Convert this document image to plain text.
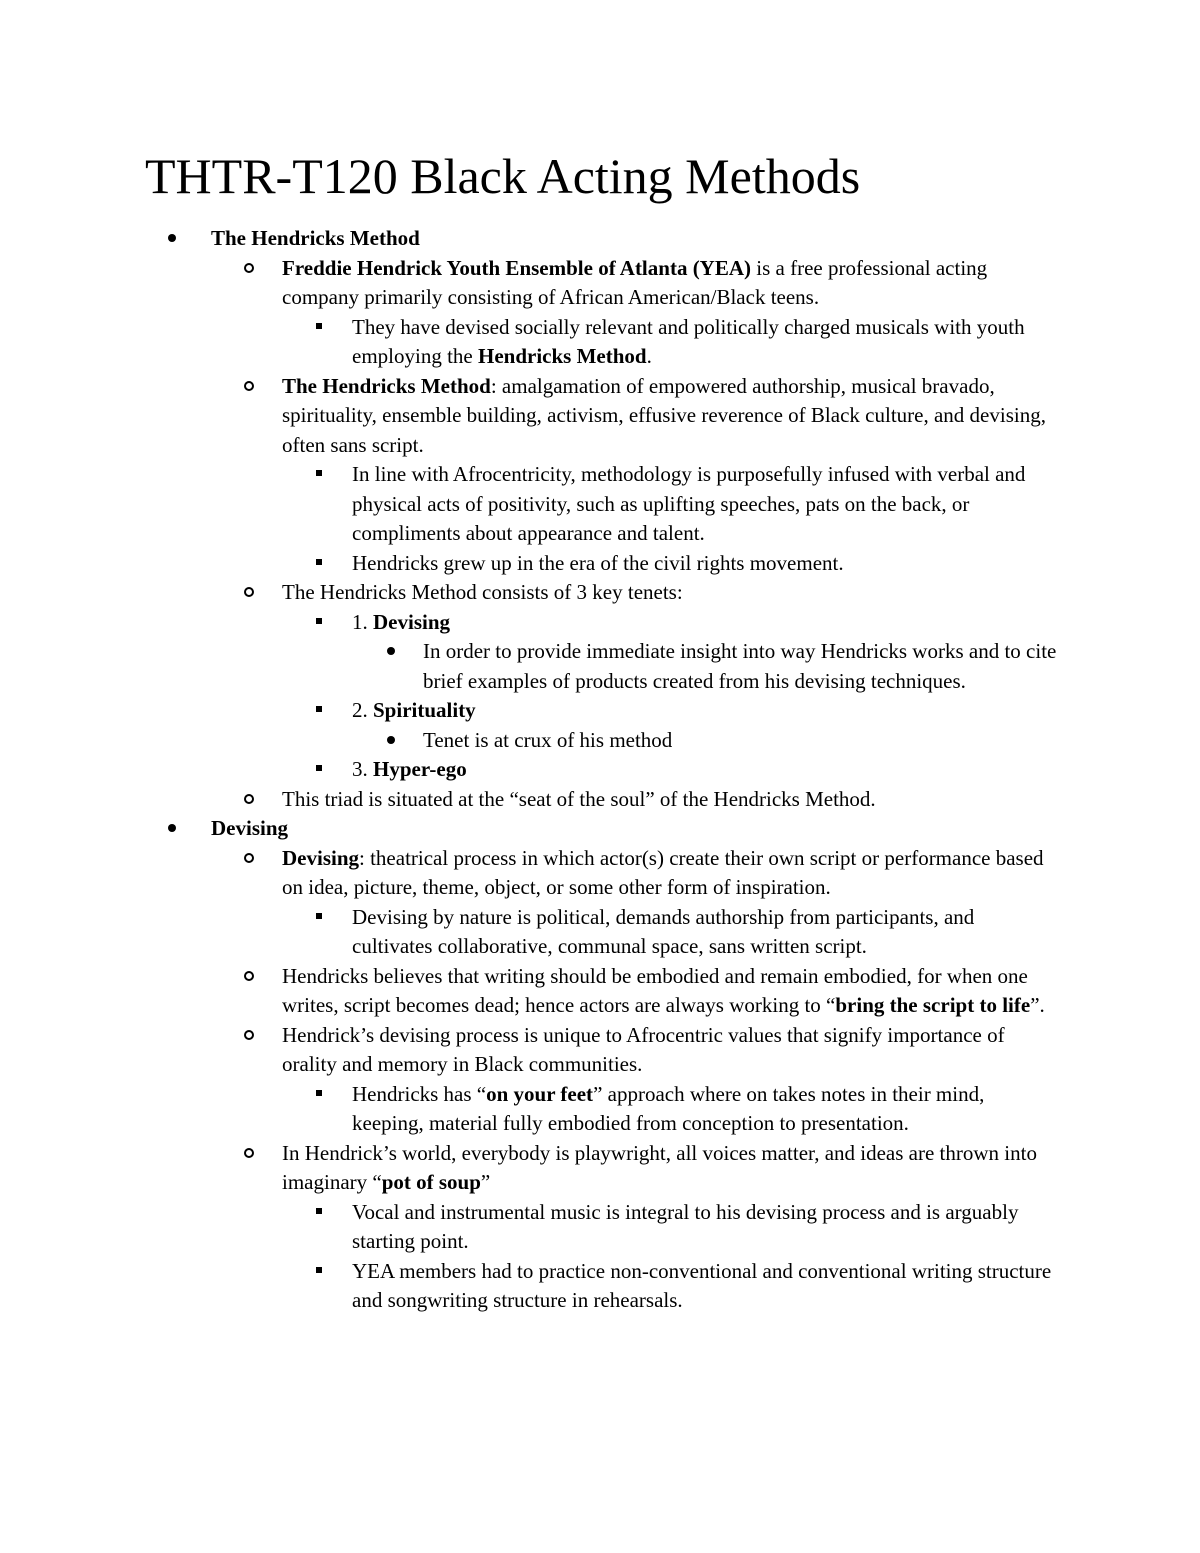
THTR-T120 Black Acting Methods
The Hendricks Method
Freddie Hendrick Youth Ensemble of Atlanta (YEA) is a free professional acting company primarily consisting of African American/Black teens.
They have devised socially relevant and politically charged musicals with youth employing the Hendricks Method.
The Hendricks Method: amalgamation of empowered authorship, musical bravado, spirituality, ensemble building, activism, effusive reverence of Black culture, and devising, often sans script.
In line with Afrocentricity, methodology is purposefully infused with verbal and physical acts of positivity, such as uplifting speeches, pats on the back, or compliments about appearance and talent.
Hendricks grew up in the era of the civil rights movement.
The Hendricks Method consists of 3 key tenets:
1. Devising
In order to provide immediate insight into way Hendricks works and to cite brief examples of products created from his devising techniques.
2. Spirituality
Tenet is at crux of his method
3. Hyper-ego
This triad is situated at the “seat of the soul” of the Hendricks Method.
Devising
Devising: theatrical process in which actor(s) create their own script or performance based on idea, picture, theme, object, or some other form of inspiration.
Devising by nature is political, demands authorship from participants, and cultivates collaborative, communal space, sans written script.
Hendricks believes that writing should be embodied and remain embodied, for when one writes, script becomes dead; hence actors are always working to “bring the script to life”.
Hendrick’s devising process is unique to Afrocentric values that signify importance of orality and memory in Black communities.
Hendricks has “on your feet” approach where on takes notes in their mind, keeping, material fully embodied from conception to presentation.
In Hendrick’s world, everybody is playwright, all voices matter, and ideas are thrown into imaginary “pot of soup”
Vocal and instrumental music is integral to his devising process and is arguably starting point.
YEA members had to practice non-conventional and conventional writing structure and songwriting structure in rehearsals.
